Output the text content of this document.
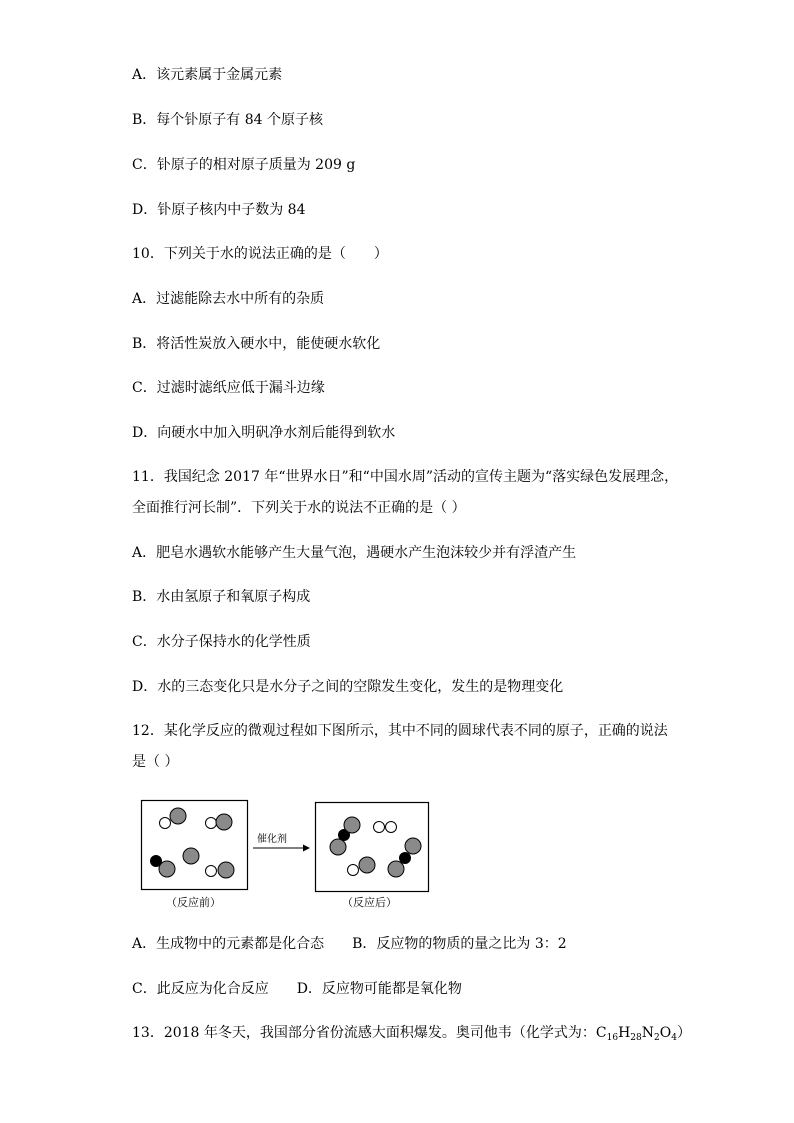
A．该元素属于金属元素
B．每个钋原子有 84 个原子核
C．钋原子的相对原子质量为 209 g
D．钋原子核内中子数为 84
10．下列关于水的说法正确的是（　　）
A．过滤能除去水中所有的杂质
B．将活性炭放入硬水中，能使硬水软化
C．过滤时滤纸应低于漏斗边缘
D．向硬水中加入明矾净水剂后能得到软水
11．我国纪念 2017 年“世界水日”和“中国水周”活动的宣传主题为“落实绿色发展理念，
全面推行河长制”．下列关于水的说法不正确的是（ ）
A．肥皂水遇软水能够产生大量气泡，遇硬水产生泡沫较少并有浮渣产生
B．水由氢原子和氧原子构成
C．水分子保持水的化学性质
D．水的三态变化只是水分子之间的空隙发生变化，发生的是物理变化
12．某化学反应的微观过程如下图所示，其中不同的圆球代表不同的原子，正确的说法
是（ ）
催化剂
（反应前）	（反应后）
A．生成物中的元素都是化合态　　B．反应物的物质的量之比为 3：2
C．此反应为化合反应　　D．反应物可能都是氧化物
13．2018 年冬天，我国部分省份流感大面积爆发。奥司他韦（化学式为：$C_{16}H_{28}N_2O_4$）
